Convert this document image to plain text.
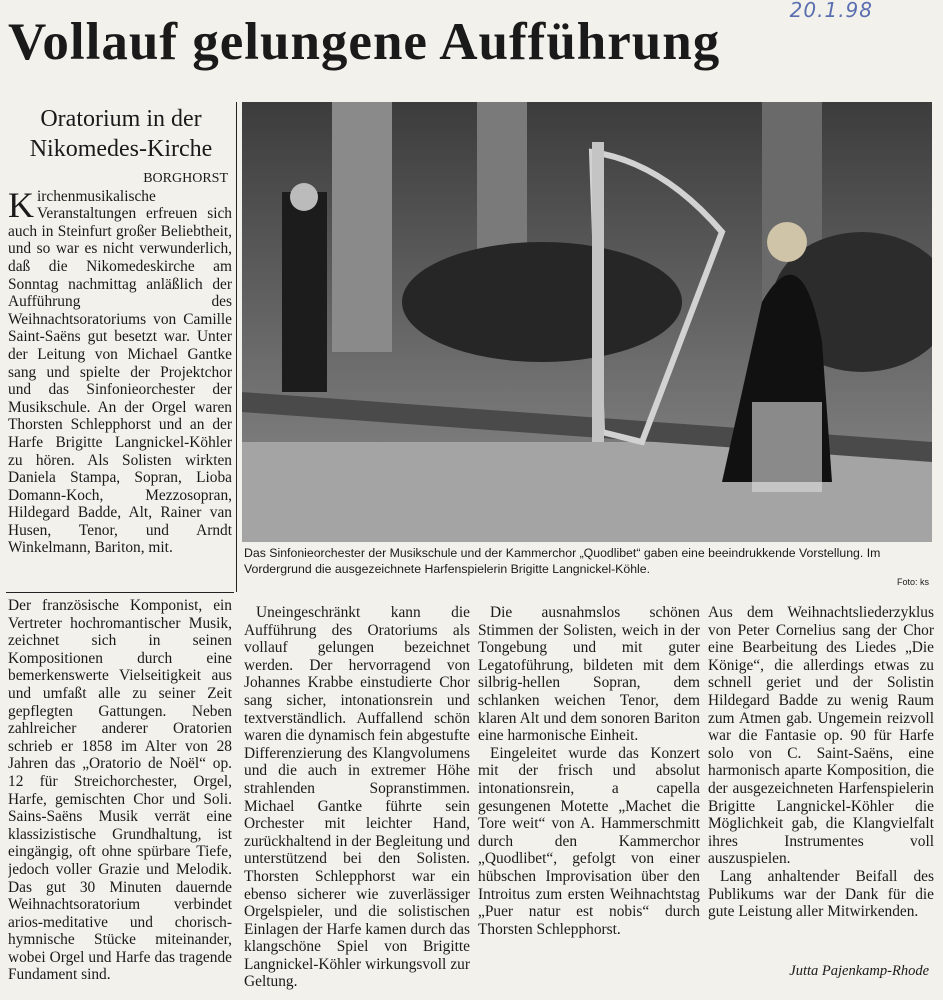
20.1.98
Vollauf gelungene Aufführung
Oratorium in der Nikomedes-Kirche
BORGHORST

Kirchenmusikalische Veranstaltungen erfreuen sich auch in Steinfurt großer Beliebtheit, und so war es nicht verwunderlich, daß die Nikomedeskirche am Sonntag nachmittag anläßlich der Aufführung des Weihnachtsoratoriums von Camille Saint-Saëns gut besetzt war. Unter der Leitung von Michael Gantke sang und spielte der Projektchor und das Sinfonieorchester der Musikschule. An der Orgel waren Thorsten Schlepphorst und an der Harfe Brigitte Langnickel-Köhler zu hören. Als Solisten wirkten Daniela Stampa, Sopran, Lioba Domann-Koch, Mezzosopran, Hildegard Badde, Alt, Rainer van Husen, Tenor, und Arndt Winkelmann, Bariton, mit.

Der französische Komponist, ein Vertreter hochromantischer Musik, zeichnet sich in seinen Kompositionen durch eine bemerkenswerte Vielseitigkeit aus und umfaßt alle zu seiner Zeit gepflegten Gattungen. Neben zahlreicher anderer Oratorien schrieb er 1858 im Alter von 28 Jahren das „Oratorio de Noël“ op. 12 für Streichorchester, Orgel, Harfe, gemischten Chor und Soli. Sains-Saëns Musik verrät eine klassizistische Grundhaltung, ist eingängig, oft ohne spürbare Tiefe, jedoch voller Grazie und Melodik. Das gut 30 Minuten dauernde Weihnachtsoratorium verbindet arios-meditative und chorisch-hymnische Stücke miteinander, wobei Orgel und Harfe das tragende Fundament sind.

Das Sinfonieorchester der Musikschule und der Kammerchor „Quodlibet“ gaben eine beeindrukkende Vorstellung. Im Vordergrund die ausgezeichnete Harfenspielerin Brigitte Langnickel-Köhle.
Foto: ks

Uneingeschränkt kann die Aufführung des Oratoriums als vollauf gelungen bezeichnet werden. Der hervorragend von Johannes Krabbe einstudierte Chor sang sicher, intonationsrein und textverständlich. Auffallend schön waren die dynamisch fein abgestufte Differenzierung des Klangvolumens und die auch in extremer Höhe strahlenden Sopranstimmen. Michael Gantke führte sein Orchester mit leichter Hand, zurückhaltend in der Begleitung und unterstützend bei den Solisten. Thorsten Schlepphorst war ein ebenso sicherer wie zuverlässiger Orgelspieler, und die solistischen Einlagen der Harfe kamen durch das klangschöne Spiel von Brigitte Langnickel-Köhler wirkungsvoll zur Geltung.

Die ausnahmslos schönen Stimmen der Solisten, weich in der Tongebung und mit guter Legatoführung, bildeten mit dem silbrig-hellen Sopran, dem schlanken weichen Tenor, dem klaren Alt und dem sonoren Bariton eine harmonische Einheit.

Eingeleitet wurde das Konzert mit der frisch und absolut intonationsrein, a capella gesungenen Motette „Machet die Tore weit“ von A. Hammerschmitt durch den Kammerchor „Quodlibet“, gefolgt von einer hübschen Improvisation über den Introitus zum ersten Weihnachtstag „Puer natur est nobis“ durch Thorsten Schlepphorst.

Aus dem Weihnachtsliederzyklus von Peter Cornelius sang der Chor eine Bearbeitung des Liedes „Die Könige“, die allerdings etwas zu schnell geriet und der Solistin Hildegard Badde zu wenig Raum zum Atmen gab. Ungemein reizvoll war die Fantasie op. 90 für Harfe solo von C. Saint-Saëns, eine harmonisch aparte Komposition, die der ausgezeichneten Harfenspielerin Brigitte Langnickel-Köhler die Möglichkeit gab, die Klangvielfalt ihres Instrumentes voll auszuspielen.

Lang anhaltender Beifall des Publikums war der Dank für die gute Leistung aller Mitwirkenden.

Jutta Pajenkamp-Rhode
